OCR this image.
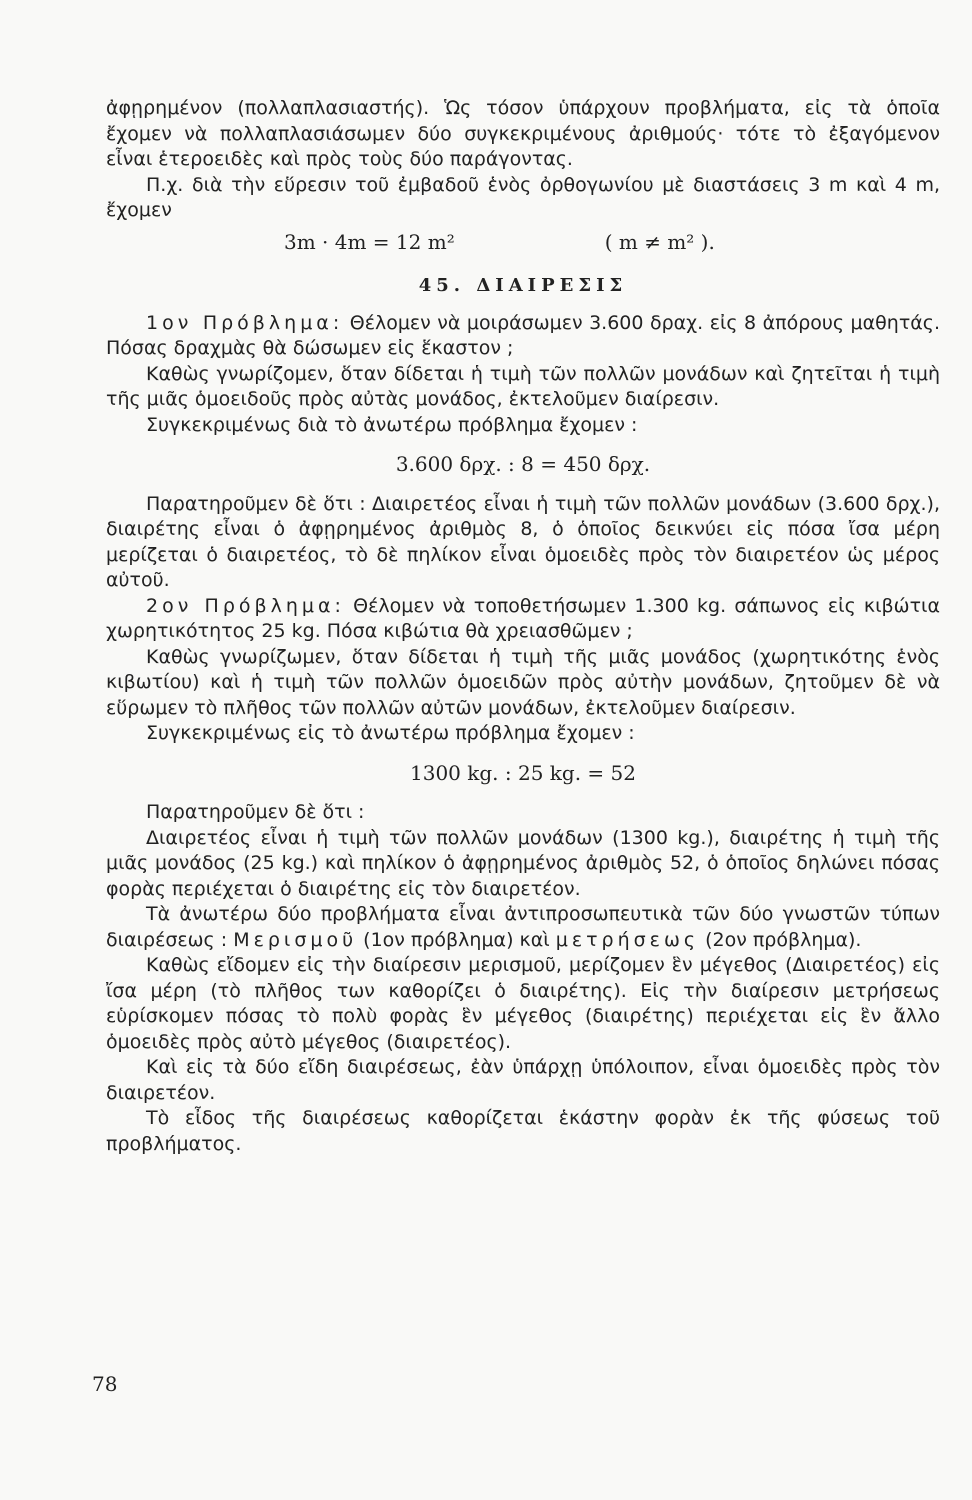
ἀφῃρημένον (πολλαπλασιαστής). Ὡς τόσον ὑπάρχουν προβλήματα, εἰς τὰ ὁποῖα ἔχομεν νὰ πολλαπλασιάσωμεν δύο συγκεκριμένους ἀριθμούς· τότε τὸ ἐξαγόμενον εἶναι ἑτεροειδὲς καὶ πρὸς τοὺς δύο παράγοντας.

Π.χ. διὰ τὴν εὕρεσιν τοῦ ἐμβαδοῦ ἑνὸς ὀρθογωνίου μὲ διαστάσεις 3 m καὶ 4 m, ἔχομεν

3m · 4m = 12 m²	( m ≠ m² ).
45. ΔΙΑΙΡΕΣΙΣ

1ον Πρόβλημα: Θέλομεν νὰ μοιράσωμεν 3.600 δραχ. εἰς 8 ἀπόρους μαθητάς. Πόσας δραχμὰς θὰ δώσωμεν εἰς ἕκαστον ;

Καθὼς γνωρίζομεν, ὅταν δίδεται ἡ τιμὴ τῶν πολλῶν μονάδων καὶ ζητεῖται ἡ τιμὴ τῆς μιᾶς ὁμοειδοῦς πρὸς αὐτὰς μονάδος, ἐκτελοῦμεν διαίρεσιν.

Συγκεκριμένως διὰ τὸ ἀνωτέρω πρόβλημα ἔχομεν :

3.600 δρχ. : 8 = 450 δρχ.

Παρατηροῦμεν δὲ ὅτι : Διαιρετέος εἶναι ἡ τιμὴ τῶν πολλῶν μονάδων (3.600 δρχ.), διαιρέτης εἶναι ὁ ἀφῃρημένος ἀριθμὸς 8, ὁ ὁποῖος δεικνύει εἰς πόσα ἴσα μέρη μερίζεται ὁ διαιρετέος, τὸ δὲ πηλίκον εἶναι ὁμοειδὲς πρὸς τὸν διαιρετέον ὡς μέρος αὐτοῦ.

2ον Πρόβλημα: Θέλομεν νὰ τοποθετήσωμεν 1.300 kg. σάπωνος εἰς κιβώτια χωρητικότητος 25 kg. Πόσα κιβώτια θὰ χρειασθῶμεν ;

Καθὼς γνωρίζωμεν, ὅταν δίδεται ἡ τιμὴ τῆς μιᾶς μονάδος (χωρητικότης ἑνὸς κιβωτίου) καὶ ἡ τιμὴ τῶν πολλῶν ὁμοειδῶν πρὸς αὐτὴν μονάδων, ζητοῦμεν δὲ νὰ εὕρωμεν τὸ πλῆθος τῶν πολλῶν αὐτῶν μονάδων, ἐκτελοῦμεν διαίρεσιν.

Συγκεκριμένως εἰς τὸ ἀνωτέρω πρόβλημα ἔχομεν :

1300 kg. : 25 kg. = 52

Παρατηροῦμεν δὲ ὅτι :

Διαιρετέος εἶναι ἡ τιμὴ τῶν πολλῶν μονάδων (1300 kg.), διαιρέτης ἡ τιμὴ τῆς μιᾶς μονάδος (25 kg.) καὶ πηλίκον ὁ ἀφῃρημένος ἀριθμὸς 52, ὁ ὁποῖος δηλώνει πόσας φορὰς περιέχεται ὁ διαιρέτης εἰς τὸν διαιρετέον.

Τὰ ἀνωτέρω δύο προβλήματα εἶναι ἀντιπροσωπευτικὰ τῶν δύο γνωστῶν τύπων διαιρέσεως : Μερισμοῦ (1ον πρόβλημα) καὶ μετρήσεως (2ον πρόβλημα).

Καθὼς εἴδομεν εἰς τὴν διαίρεσιν μερισμοῦ, μερίζομεν ἓν μέγεθος (Διαιρετέος) εἰς ἴσα μέρη (τὸ πλῆθος των καθορίζει ὁ διαιρέτης). Εἰς τὴν διαίρεσιν μετρήσεως εὑρίσκομεν πόσας τὸ πολὺ φορὰς ἓν μέγεθος (διαιρέτης) περιέχεται εἰς ἓν ἄλλο ὁμοειδὲς πρὸς αὐτὸ μέγεθος (διαιρετέος).

Καὶ εἰς τὰ δύο εἴδη διαιρέσεως, ἐὰν ὑπάρχῃ ὑπόλοιπον, εἶναι ὁμοειδὲς πρὸς τὸν διαιρετέον.

Τὸ εἶδος τῆς διαιρέσεως καθορίζεται ἑκάστην φορὰν ἐκ τῆς φύσεως τοῦ προβλήματος.

78
